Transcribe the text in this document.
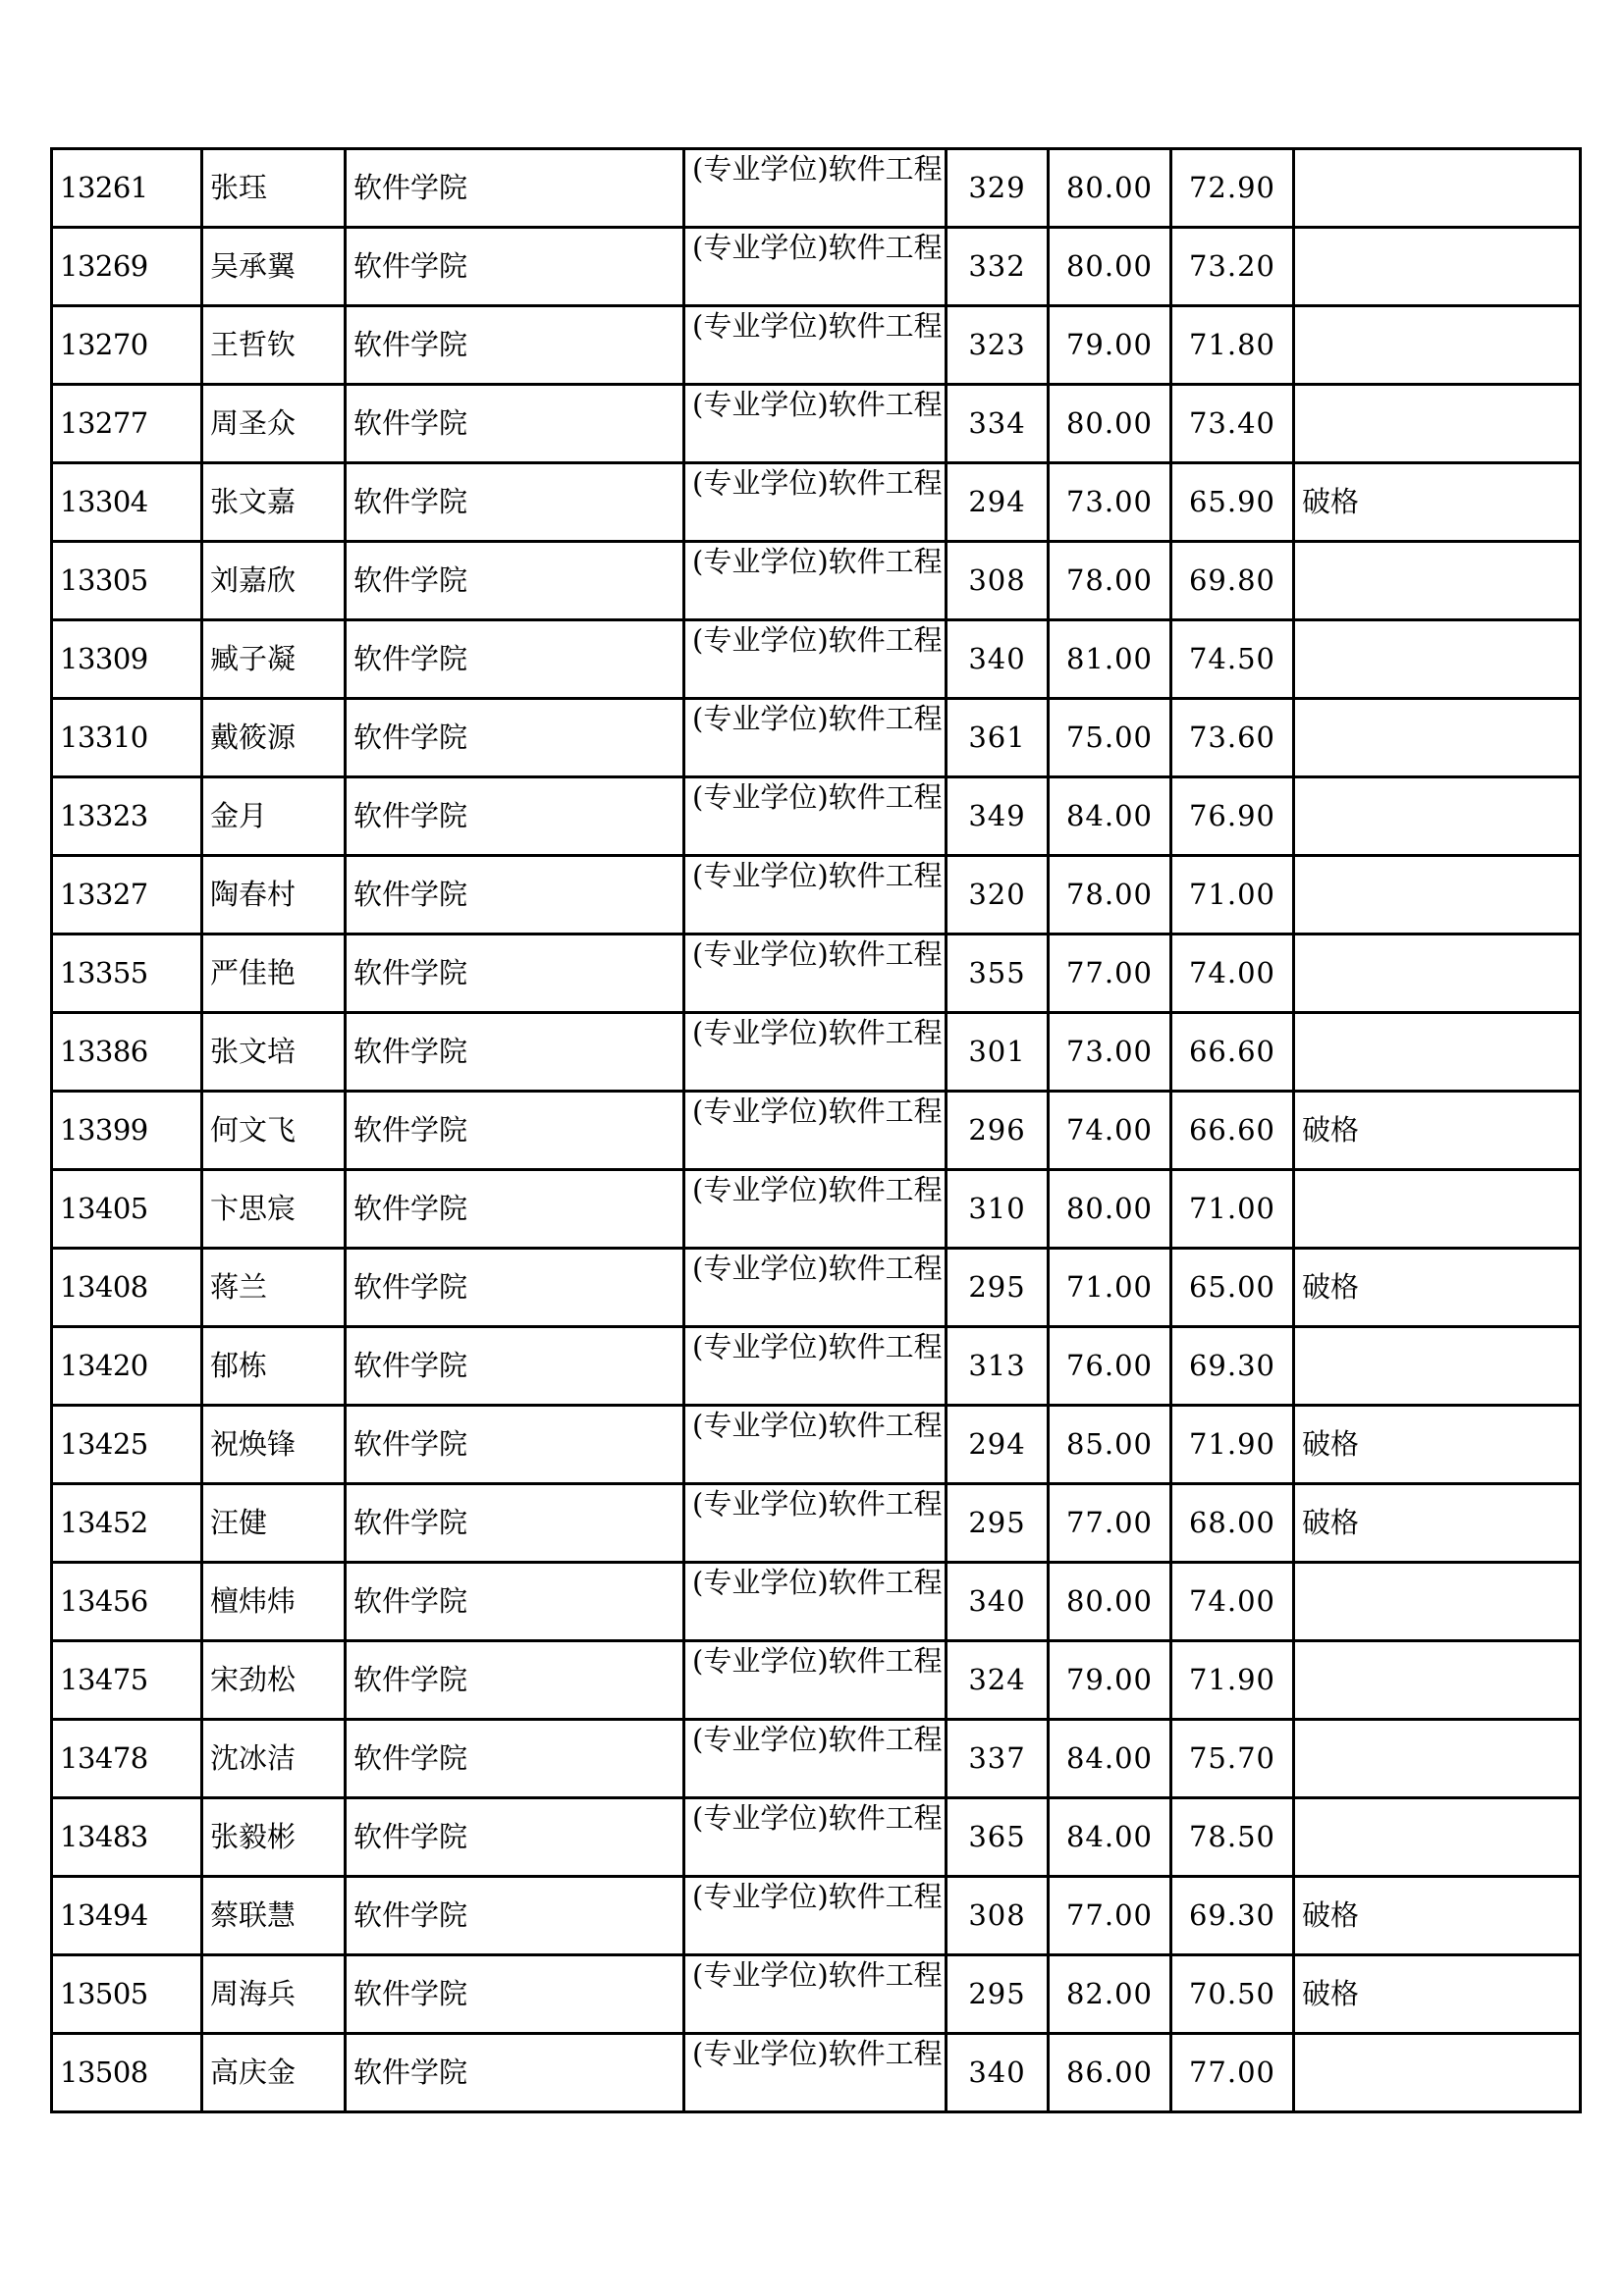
13261	张珏	软件学院	(专业学位)软件工程	329	80.00	72.90	
13269	吴承翼	软件学院	(专业学位)软件工程	332	80.00	73.20	
13270	王哲钦	软件学院	(专业学位)软件工程	323	79.00	71.80	
13277	周圣众	软件学院	(专业学位)软件工程	334	80.00	73.40	
13304	张文嘉	软件学院	(专业学位)软件工程	294	73.00	65.90	破格
13305	刘嘉欣	软件学院	(专业学位)软件工程	308	78.00	69.80	
13309	臧子凝	软件学院	(专业学位)软件工程	340	81.00	74.50	
13310	戴筱源	软件学院	(专业学位)软件工程	361	75.00	73.60	
13323	金月	软件学院	(专业学位)软件工程	349	84.00	76.90	
13327	陶春村	软件学院	(专业学位)软件工程	320	78.00	71.00	
13355	严佳艳	软件学院	(专业学位)软件工程	355	77.00	74.00	
13386	张文培	软件学院	(专业学位)软件工程	301	73.00	66.60	
13399	何文飞	软件学院	(专业学位)软件工程	296	74.00	66.60	破格
13405	卞思宸	软件学院	(专业学位)软件工程	310	80.00	71.00	
13408	蒋兰	软件学院	(专业学位)软件工程	295	71.00	65.00	破格
13420	郁栋	软件学院	(专业学位)软件工程	313	76.00	69.30	
13425	祝焕锋	软件学院	(专业学位)软件工程	294	85.00	71.90	破格
13452	汪健	软件学院	(专业学位)软件工程	295	77.00	68.00	破格
13456	檀炜炜	软件学院	(专业学位)软件工程	340	80.00	74.00	
13475	宋劲松	软件学院	(专业学位)软件工程	324	79.00	71.90	
13478	沈冰洁	软件学院	(专业学位)软件工程	337	84.00	75.70	
13483	张毅彬	软件学院	(专业学位)软件工程	365	84.00	78.50	
13494	蔡联慧	软件学院	(专业学位)软件工程	308	77.00	69.30	破格
13505	周海兵	软件学院	(专业学位)软件工程	295	82.00	70.50	破格
13508	高庆金	软件学院	(专业学位)软件工程	340	86.00	77.00	
